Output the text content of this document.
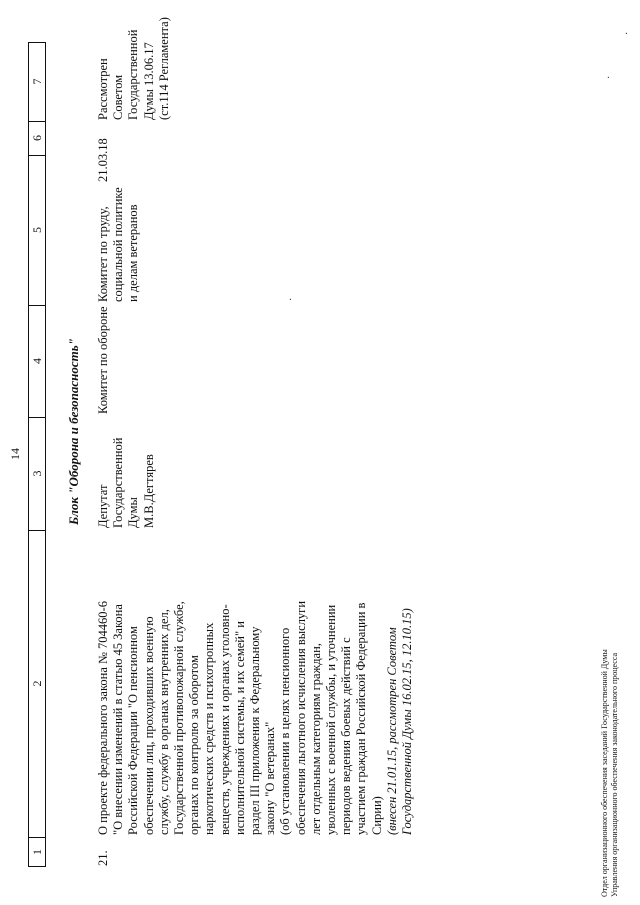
14
1
2
3
4
5
6
7
Блок "Оборона и безопасность"
21.
О проекте федерального закона № 704460-6 "О внесении изменений в статью 45 Закона Российской Федерации "О пенсионном обеспечении лиц, проходивших военную службу, службу в органах внутренних дел, Государственной противопожарной службе, органах по контролю за оборотом наркотических средств и психотропных веществ, учреждениях и органах уголовно- исполнительной системы, и их семей" и раздел III приложения к Федеральному закону "О ветеранах" (об установлении в целях пенсионного обеспечения льготного исчисления выслуги лет отдельным категориям граждан, уволенных с военной службы, и уточнении периодов ведения боевых действий с участием граждан Российской Федерации в Сирии) (внесен 21.01.15, рассмотрен Советом Государственной Думы 16.02.15, 12.10.15)
Депутат Государственной Думы М.В.Дегтярев
Комитет по обороне
Комитет по труду, социальной политике и делам ветеранов
21.03.18
Рассмотрен Советом Государственной Думы 13.06.17 (ст.114 Регламента)
·
·
·
Отдел организационного обеспечения заседаний Государственной Думы Управления организационного обеспечения законодательного процесса
